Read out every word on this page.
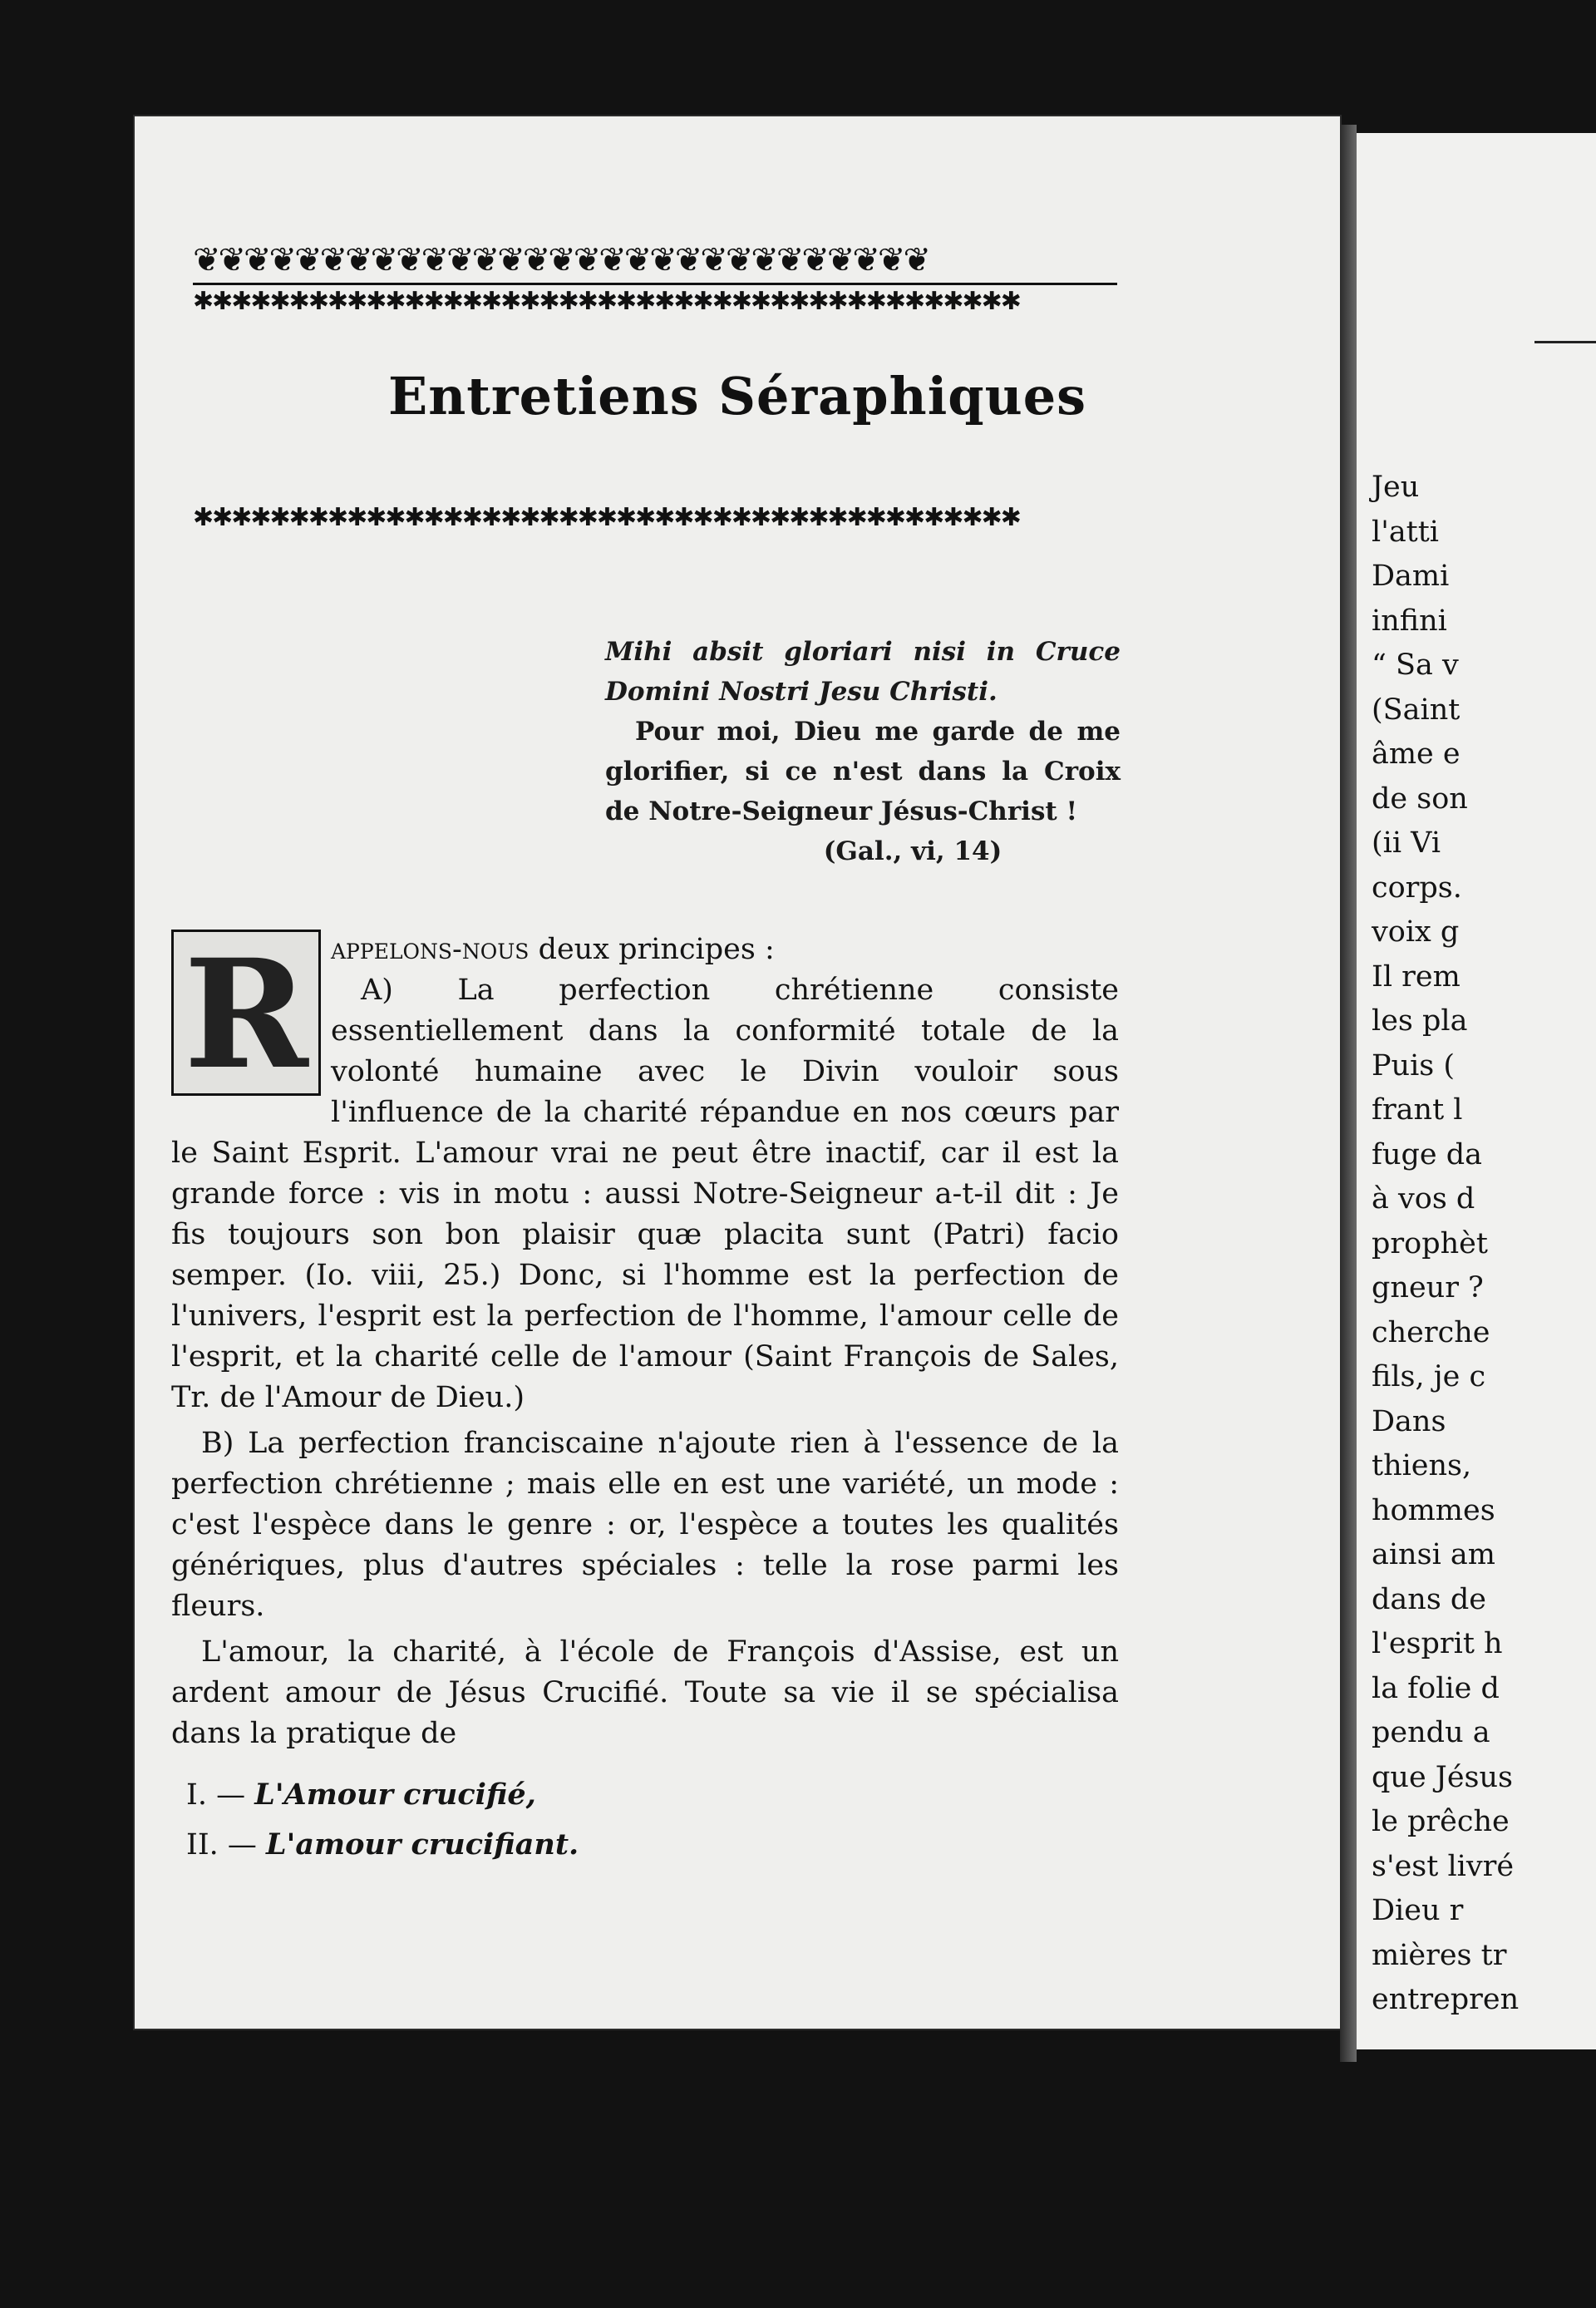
❦❦❦❦❦❦❦❦❦❦❦❦❦❦❦❦❦❦❦❦❦❦❦❦❦❦❦❦❦
✱✱✱✱✱✱✱✱✱✱✱✱✱✱✱✱✱✱✱✱✱✱✱✱✱✱✱✱✱✱✱✱✱✱✱✱✱✱✱✱✱✱✱
Entretiens Séraphiques
✱✱✱✱✱✱✱✱✱✱✱✱✱✱✱✱✱✱✱✱✱✱✱✱✱✱✱✱✱✱✱✱✱✱✱✱✱✱✱✱✱✱✱
Mihi absit gloriari nisi in Cruce Domini Nostri Jesu Christi.
Pour moi, Dieu me garde de me glorifier, si ce n'est dans la Croix de Notre-Seigneur Jésus-Christ !
(Gal., vi, 14)
R appelons-nous deux principes :

A) La perfection chrétienne consiste essentiellement dans la conformité totale de la volonté humaine avec le Divin vouloir sous l'influence de la charité répandue en nos cœurs par le Saint Esprit. L'amour vrai ne peut être inactif, car il est la grande force : vis in motu : aussi Notre-Seigneur a-t-il dit : Je fis toujours son bon plaisir quæ placita sunt (Patri) facio semper. (Io. viii, 25.) Donc, si l'homme est la perfection de l'univers, l'esprit est la perfection de l'homme, l'amour celle de l'esprit, et la charité celle de l'amour (Saint François de Sales, Tr. de l'Amour de Dieu.)

B) La perfection franciscaine n'ajoute rien à l'essence de la perfection chrétienne ; mais elle en est une variété, un mode : c'est l'espèce dans le genre : or, l'espèce a toutes les qualités génériques, plus d'autres spéciales : telle la rose parmi les fleurs.

L'amour, la charité, à l'école de François d'Assise, est un ardent amour de Jésus Crucifié. Toute sa vie il se spécialisa dans la pratique de

I. — L'Amour crucifié,
II. — L'amour crucifiant.
Jeu
l'atti
Dami
infini
“ Sa v
(Saint
âme e
de son
(ii Vi
corps.
voix g
Il rem
les pla
Puis (
frant l
fuge da
à vos d
prophèt
gneur ?
cherche
fils, je c
Dans
thiens,
hommes
ainsi am
dans de
l'esprit h
la folie d
pendu a
que Jésus
le prêche
s'est livré
Dieu r
mières tr
entrepren
